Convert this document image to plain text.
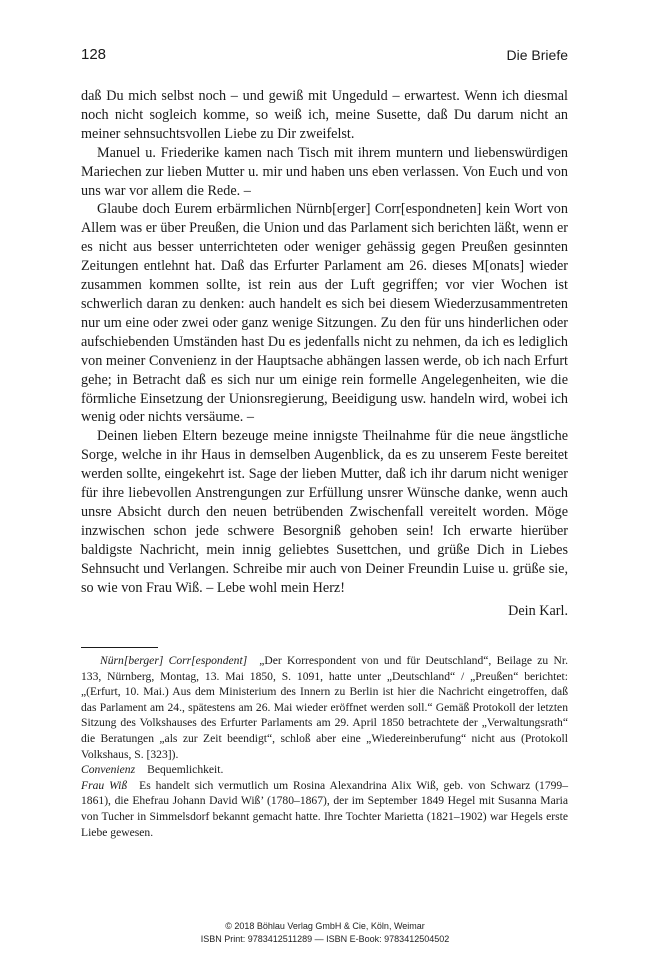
128	Die Briefe

daß Du mich selbst noch – und gewiß mit Ungeduld – erwartest. Wenn ich diesmal noch nicht sogleich komme, so weiß ich, meine Susette, daß Du darum nicht an meiner sehnsuchtsvollen Liebe zu Dir zweifelst.

Manuel u. Friederike kamen nach Tisch mit ihrem muntern und liebenswürdigen Mariechen zur lieben Mutter u. mir und haben uns eben verlassen. Von Euch und von uns war vor allem die Rede. –

Glaube doch Eurem erbärmlichen Nürnb[erger] Corr[espondneten] kein Wort von Allem was er über Preußen, die Union und das Parlament sich berichten läßt, wenn er es nicht aus besser unterrichteten oder weniger gehässig gegen Preußen gesinnten Zeitungen entlehnt hat. Daß das Erfurter Parlament am 26. dieses M[onats] wieder zusammen kommen sollte, ist rein aus der Luft gegriffen; vor vier Wochen ist schwerlich daran zu denken: auch handelt es sich bei diesem Wiederzusammentreten nur um eine oder zwei oder ganz wenige Sitzungen. Zu den für uns hinderlichen oder aufschiebenden Umständen hast Du es jedenfalls nicht zu nehmen, da ich es lediglich von meiner Convenienz in der Hauptsache abhängen lassen werde, ob ich nach Erfurt gehe; in Betracht daß es sich nur um einige rein formelle Angelegenheiten, wie die förmliche Einsetzung der Unionsregierung, Beeidigung usw. handeln wird, wobei ich wenig oder nichts versäume. –

Deinen lieben Eltern bezeuge meine innigste Theilnahme für die neue ängstliche Sorge, welche in ihr Haus in demselben Augenblick, da es zu unserem Feste bereitet werden sollte, eingekehrt ist. Sage der lieben Mutter, daß ich ihr darum nicht weniger für ihre liebevollen Anstrengungen zur Erfüllung unsrer Wünsche danke, wenn auch unsre Absicht durch den neuen betrübenden Zwischenfall vereitelt worden. Möge inzwischen schon jede schwere Besorgniß gehoben sein! Ich erwarte hierüber baldigste Nachricht, mein innig geliebtes Susettchen, und grüße Dich in Liebes Sehnsucht und Verlangen. Schreibe mir auch von Deiner Freundin Luise u. grüße sie, so wie von Frau Wiß. – Lebe wohl mein Herz!

Dein Karl.

Nürn[berger] Corr[espondent] „Der Korrespondent von und für Deutschland“, Beilage zu Nr. 133, Nürnberg, Montag, 13. Mai 1850, S. 1091, hatte unter „Deutschland“ / „Preußen“ berichtet: „(Erfurt, 10. Mai.) Aus dem Ministerium des Innern zu Berlin ist hier die Nachricht eingetroffen, daß das Parlament am 24., spätestens am 26. Mai wieder eröffnet werden soll.“ Gemäß Protokoll der letzten Sitzung des Volkshauses des Erfurter Parlaments am 29. April 1850 betrachtete der „Verwaltungsrath“ die Beratungen „als zur Zeit beendigt“, schloß aber eine „Wiedereinberufung“ nicht aus (Protokoll Volkshaus, S. [323]).

Convenienz Bequemlichkeit.

Frau Wiß Es handelt sich vermutlich um Rosina Alexandrina Alix Wiß, geb. von Schwarz (1799–1861), die Ehefrau Johann David Wiß’ (1780–1867), der im September 1849 Hegel mit Susanna Maria von Tucher in Simmelsdorf bekannt gemacht hatte. Ihre Tochter Marietta (1821–1902) war Hegels erste Liebe gewesen.

© 2018 Böhlau Verlag GmbH & Cie, Köln, Weimar
ISBN Print: 9783412511289 — ISBN E-Book: 9783412504502
